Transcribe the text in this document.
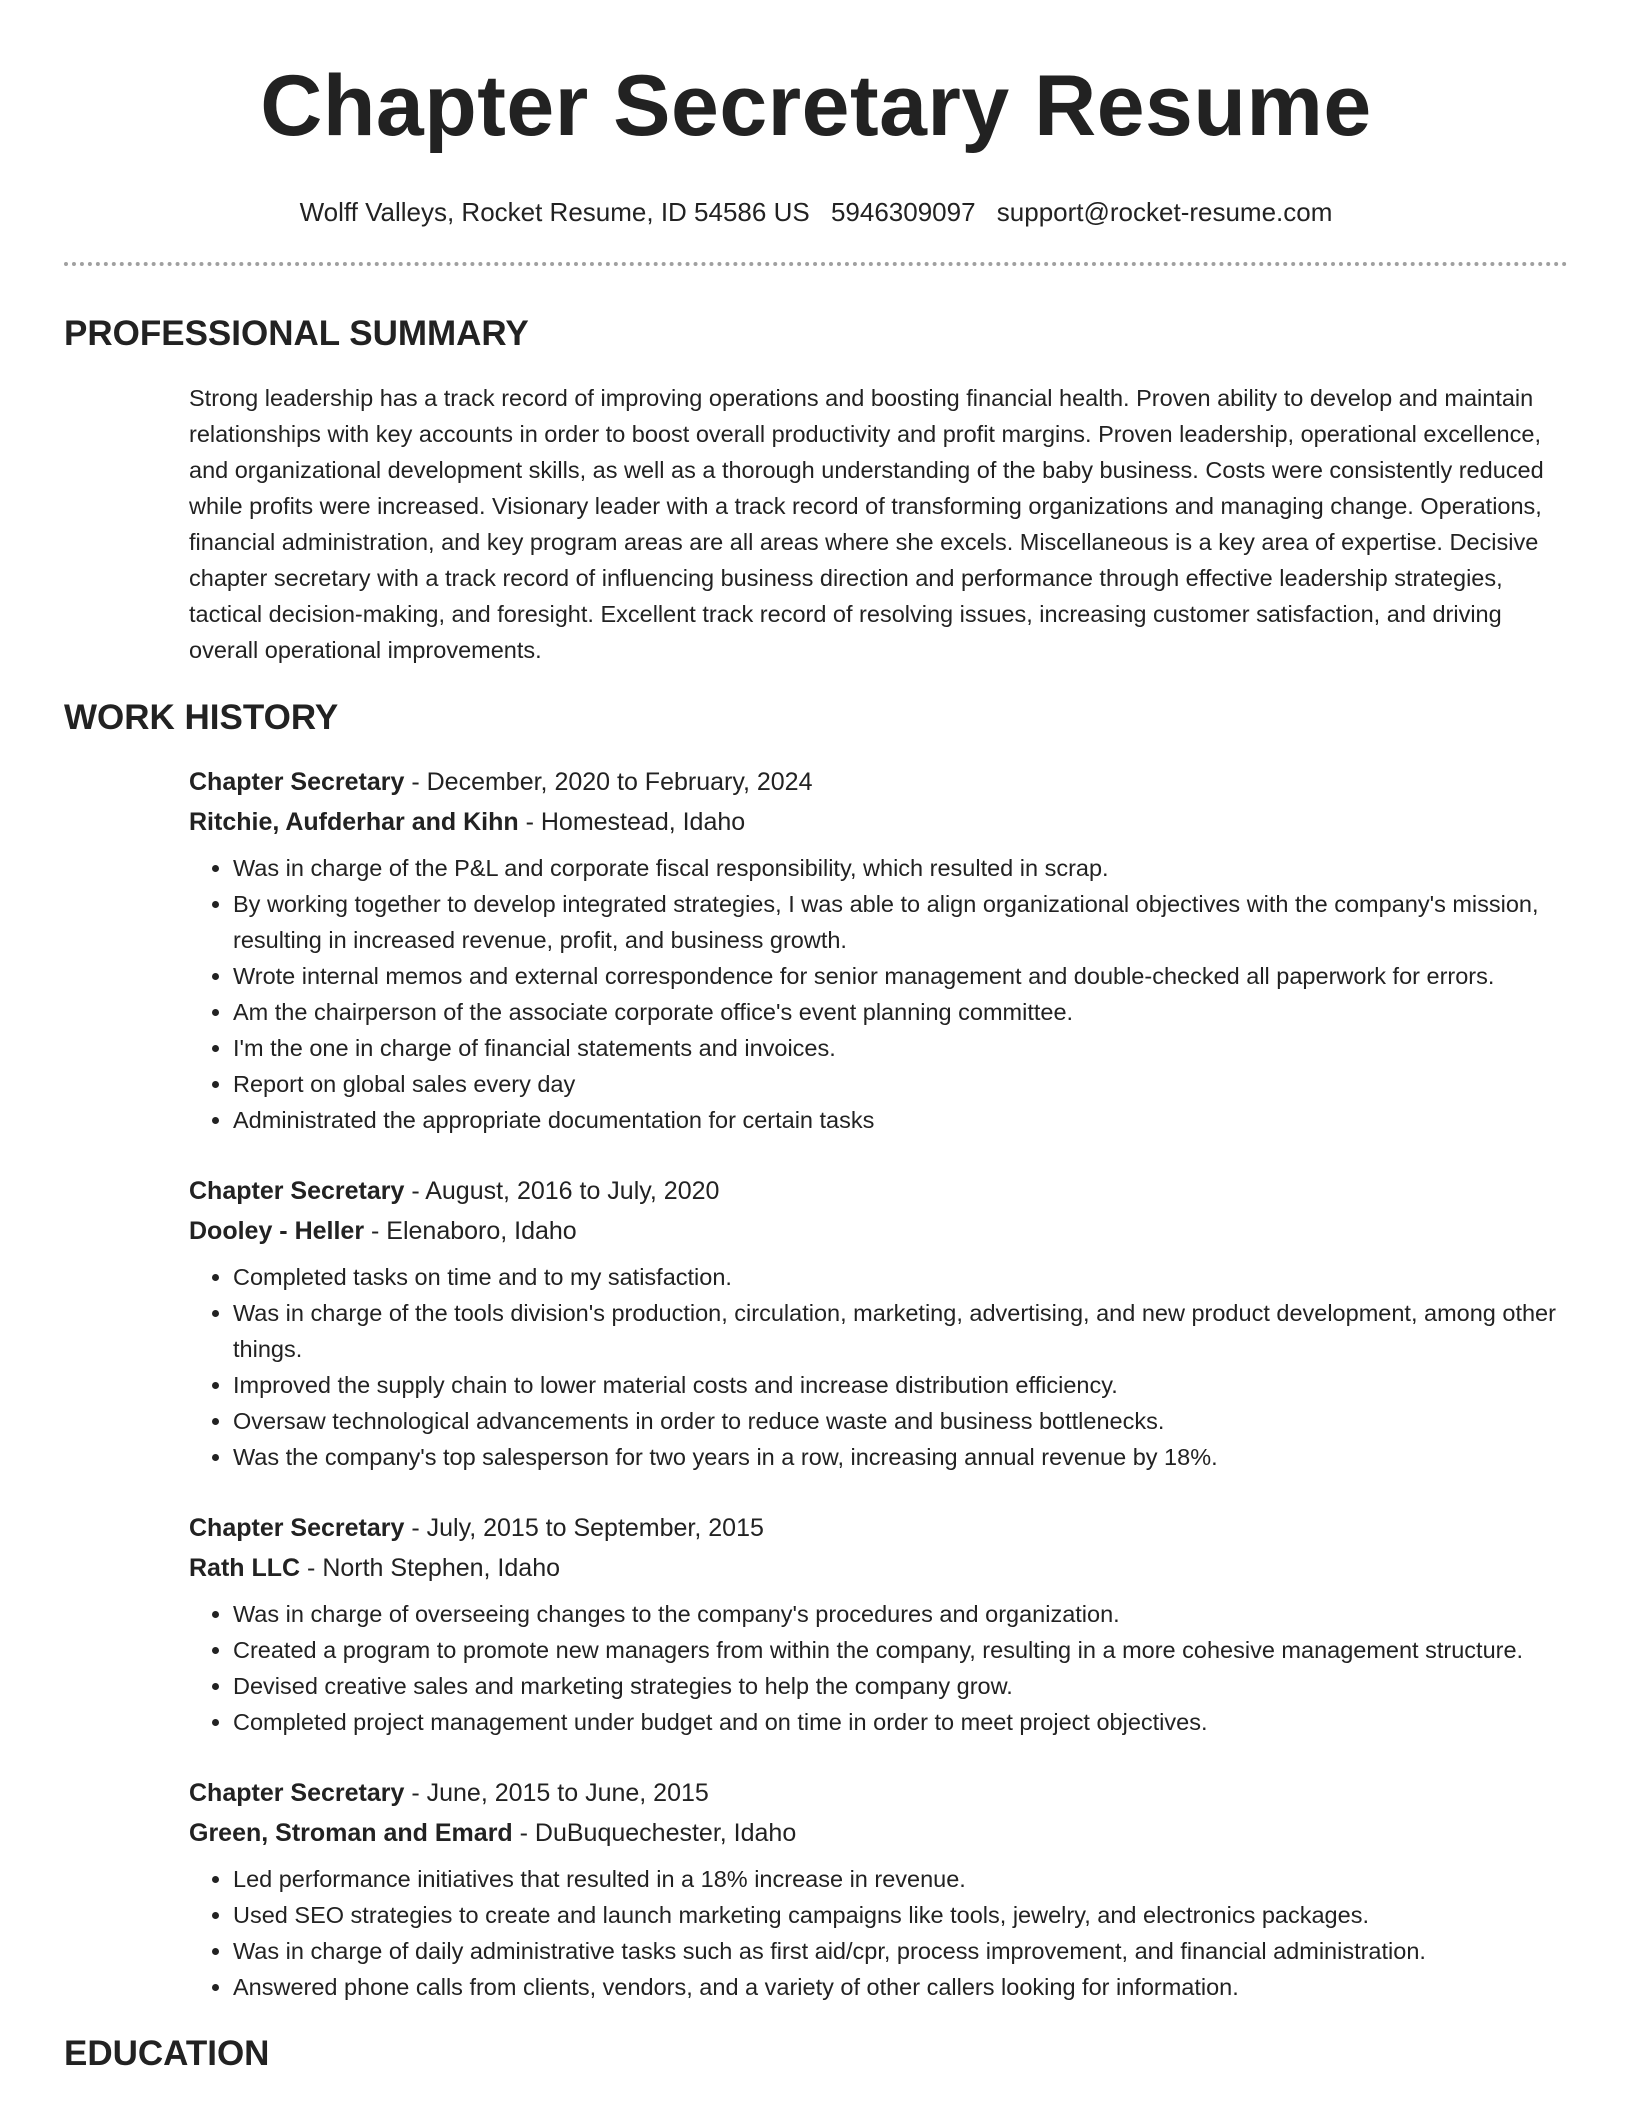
Chapter Secretary Resume
Wolff Valleys, Rocket Resume, ID 54586 US 5946309097 support@rocket-resume.com
PROFESSIONAL SUMMARY

Strong leadership has a track record of improving operations and boosting financial health. Proven ability to develop and maintain relationships with key accounts in order to boost overall productivity and profit margins. Proven leadership, operational excellence, and organizational development skills, as well as a thorough understanding of the baby business. Costs were consistently reduced while profits were increased. Visionary leader with a track record of transforming organizations and managing change. Operations, financial administration, and key program areas are all areas where she excels. Miscellaneous is a key area of expertise. Decisive chapter secretary with a track record of influencing business direction and performance through effective leadership strategies, tactical decision-making, and foresight. Excellent track record of resolving issues, increasing customer satisfaction, and driving overall operational improvements.

WORK HISTORY
Chapter Secretary - December, 2020 to February, 2024
Ritchie, Aufderhar and Kihn - Homestead, Idaho
• Was in charge of the P&L and corporate fiscal responsibility, which resulted in scrap.
• By working together to develop integrated strategies, I was able to align organizational objectives with the company's mission, resulting in increased revenue, profit, and business growth.
• Wrote internal memos and external correspondence for senior management and double-checked all paperwork for errors.
• Am the chairperson of the associate corporate office's event planning committee.
• I'm the one in charge of financial statements and invoices.
• Report on global sales every day
• Administrated the appropriate documentation for certain tasks
Chapter Secretary - August, 2016 to July, 2020
Dooley - Heller - Elenaboro, Idaho
• Completed tasks on time and to my satisfaction.
• Was in charge of the tools division's production, circulation, marketing, advertising, and new product development, among other things.
• Improved the supply chain to lower material costs and increase distribution efficiency.
• Oversaw technological advancements in order to reduce waste and business bottlenecks.
• Was the company's top salesperson for two years in a row, increasing annual revenue by 18%.
Chapter Secretary - July, 2015 to September, 2015
Rath LLC - North Stephen, Idaho
• Was in charge of overseeing changes to the company's procedures and organization.
• Created a program to promote new managers from within the company, resulting in a more cohesive management structure.
• Devised creative sales and marketing strategies to help the company grow.
• Completed project management under budget and on time in order to meet project objectives.
Chapter Secretary - June, 2015 to June, 2015
Green, Stroman and Emard - DuBuquechester, Idaho
• Led performance initiatives that resulted in a 18% increase in revenue.
• Used SEO strategies to create and launch marketing campaigns like tools, jewelry, and electronics packages.
• Was in charge of daily administrative tasks such as first aid/cpr, process improvement, and financial administration.
• Answered phone calls from clients, vendors, and a variety of other callers looking for information.
EDUCATION
